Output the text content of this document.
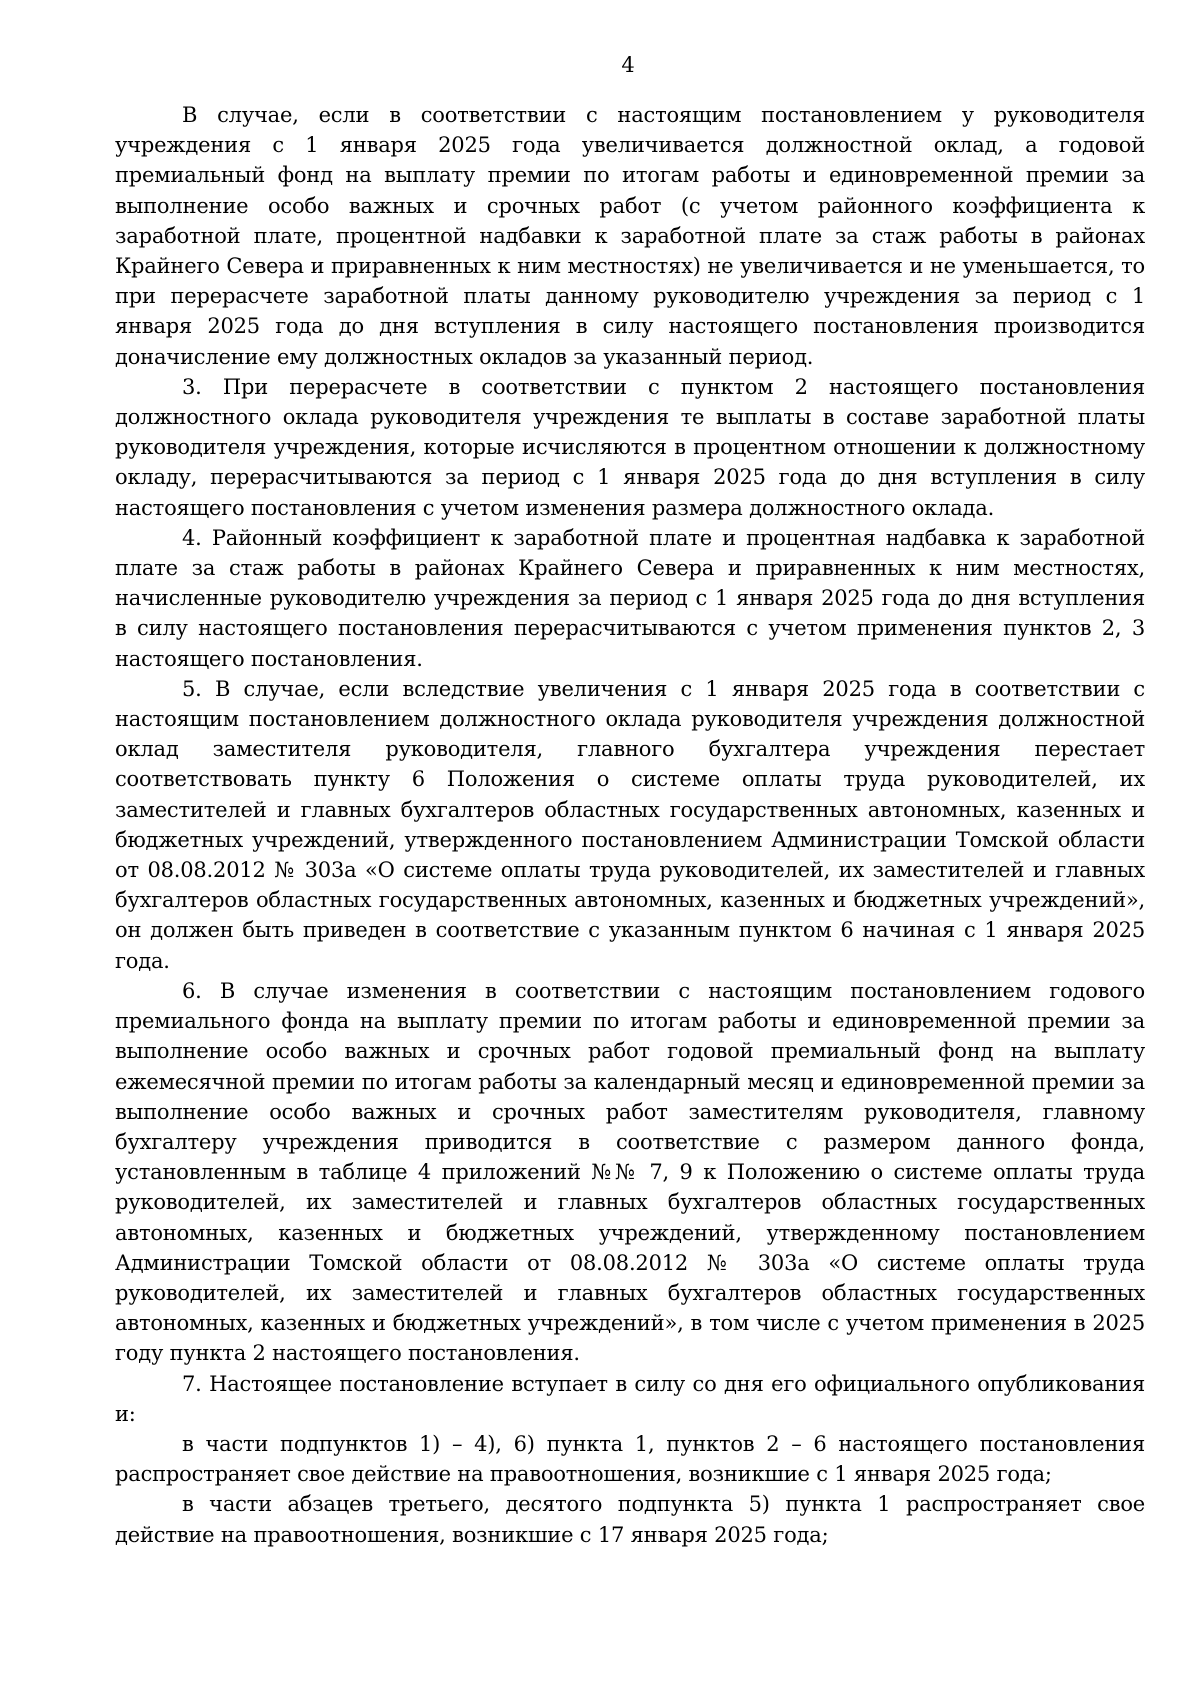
4

В случае, если в соответствии с настоящим постановлением у руководителя учреждения с 1 января 2025 года увеличивается должностной оклад, а годовой премиальный фонд на выплату премии по итогам работы и единовременной премии за выполнение особо важных и срочных работ (с учетом районного коэффициента к заработной плате, процентной надбавки к заработной плате за стаж работы в районах Крайнего Севера и приравненных к ним местностях) не увеличивается и не уменьшается, то при перерасчете заработной платы данному руководителю учреждения за период с 1 января 2025 года до дня вступления в силу настоящего постановления производится доначисление ему должностных окладов за указанный период.

3. При перерасчете в соответствии с пунктом 2 настоящего постановления должностного оклада руководителя учреждения те выплаты в составе заработной платы руководителя учреждения, которые исчисляются в процентном отношении к должностному окладу, перерасчитываются за период с 1 января 2025 года до дня вступления в силу настоящего постановления с учетом изменения размера должностного оклада.

4. Районный коэффициент к заработной плате и процентная надбавка к заработной плате за стаж работы в районах Крайнего Севера и приравненных к ним местностях, начисленные руководителю учреждения за период с 1 января 2025 года до дня вступления в силу настоящего постановления перерасчитываются с учетом применения пунктов 2, 3 настоящего постановления.

5. В случае, если вследствие увеличения с 1 января 2025 года в соответствии с настоящим постановлением должностного оклада руководителя учреждения должностной оклад заместителя руководителя, главного бухгалтера учреждения перестает соответствовать пункту 6 Положения о системе оплаты труда руководителей, их заместителей и главных бухгалтеров областных государственных автономных, казенных и бюджетных учреждений, утвержденного постановлением Администрации Томской области от 08.08.2012 № 303а «О системе оплаты труда руководителей, их заместителей и главных бухгалтеров областных государственных автономных, казенных и бюджетных учреждений», он должен быть приведен в соответствие с указанным пунктом 6 начиная с 1 января 2025 года.

6. В случае изменения в соответствии с настоящим постановлением годового премиального фонда на выплату премии по итогам работы и единовременной премии за выполнение особо важных и срочных работ годовой премиальный фонд на выплату ежемесячной премии по итогам работы за календарный месяц и единовременной премии за выполнение особо важных и срочных работ заместителям руководителя, главному бухгалтеру учреждения приводится в соответствие с размером данного фонда, установленным в таблице 4 приложений №№ 7, 9 к Положению о системе оплаты труда руководителей, их заместителей и главных бухгалтеров областных государственных автономных, казенных и бюджетных учреждений, утвержденному постановлением Администрации Томской области от 08.08.2012 № 303а «О системе оплаты труда руководителей, их заместителей и главных бухгалтеров областных государственных автономных, казенных и бюджетных учреждений», в том числе с учетом применения в 2025 году пункта 2 настоящего постановления.

7. Настоящее постановление вступает в силу со дня его официального опубликования и:

в части подпунктов 1) – 4), 6) пункта 1, пунктов 2 – 6 настоящего постановления распространяет свое действие на правоотношения, возникшие с 1 января 2025 года;

в части абзацев третьего, десятого подпункта 5) пункта 1 распространяет свое действие на правоотношения, возникшие с 17 января 2025 года;
